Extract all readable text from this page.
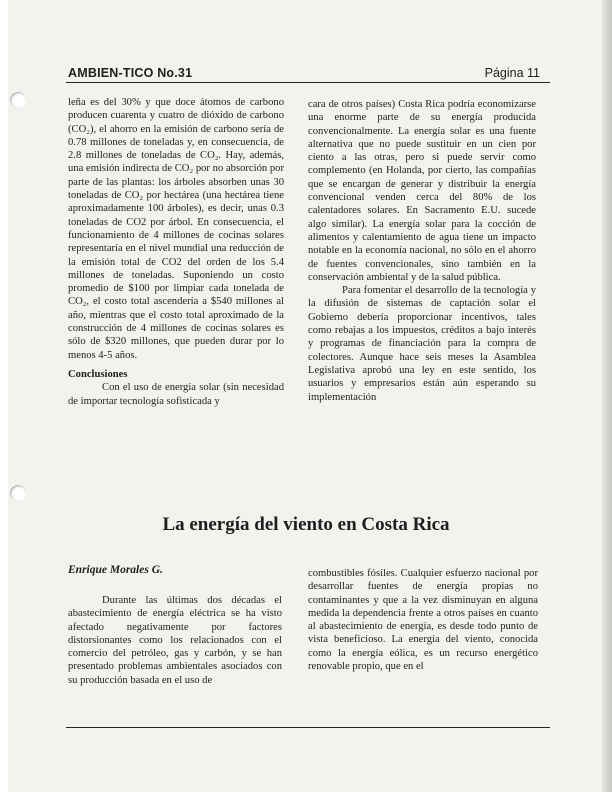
AMBIEN-TICO No.31	Página 11

leña es del 30% y que doce átomos de carbono producen cuarenta y cuatro de dióxido de carbono (CO₂), el ahorro en la emisión de carbono sería de 0.78 millones de toneladas y, en consecuencia, de 2.8 millones de toneladas de CO₂. Hay, además, una emisión indirecta de CO₂ por no absorción por parte de las plantas: los árboles absorben unas 30 toneladas de CO₂ por hectárea (una hectárea tiene aproximadamente 100 árboles), es decir, unas 0.3 toneladas de CO2 por árbol. En consecuencia, el funcionamiento de 4 millones de cocinas solares representaría en el nivel mundial una reducción de la emisión total de CO2 del orden de los 5.4 millones de toneladas. Suponiendo un costo promedio de $100 por limpiar cada tonelada de CO₂, el costo total ascendería a $540 millones al año, mientras que el costo total aproximado de la construcción de 4 millones de cocinas solares es sólo de $320 millones, que pueden durar por lo menos 4-5 años.

Conclusiones

Con el uso de energía solar (sin necesidad de importar tecnología sofisticada y

cara de otros países) Costa Rica podría economizarse una enorme parte de su energía producida convencionalmente. La energía solar es una fuente alternativa que no puede sustituir en un cien por ciento a las otras, pero si puede servir como complemento (en Holanda, por cierto, las compañías que se encargan de generar y distribuir la energía convencional venden cerca del 80% de los calentadores solares. En Sacramento E.U. sucede algo similar). La energía solar para la cocción de alimentos y calentamiento de agua tiene un impacto notable en la economía nacional, no sólo en el ahorro de fuentes convencionales, sino también en la conservación ambiental y de la salud pública.

Para fomentar el desarrollo de la tecnología y la difusión de sistemas de captación solar el Gobierno debería proporcionar incentivos, tales como rebajas a los impuestos, créditos a bajo interés y programas de financiación para la compra de colectores. Aunque hace seis meses la Asamblea Legislativa aprobó una ley en este sentido, los usuarios y empresarios están aún esperando su implementación

La energía del viento en Costa Rica
Enrique Morales G.

Durante las últimas dos décadas el abastecimiento de energía eléctrica se ha visto afectado negativamente por factores distorsionantes como los relacionados con el comercio del petróleo, gas y carbón, y se han presentado problemas ambientales asociados con su producción basada en el uso de

combustibles fósiles. Cualquier esfuerzo nacional por desarrollar fuentes de energía propias no contaminantes y que a la vez disminuyan en alguna medida la dependencia frente a otros países en cuanto al abastecimiento de energía, es desde todo punto de vista beneficioso. La energía del viento, conocida como la energía eólica, es un recurso energético renovable propio, que en el
